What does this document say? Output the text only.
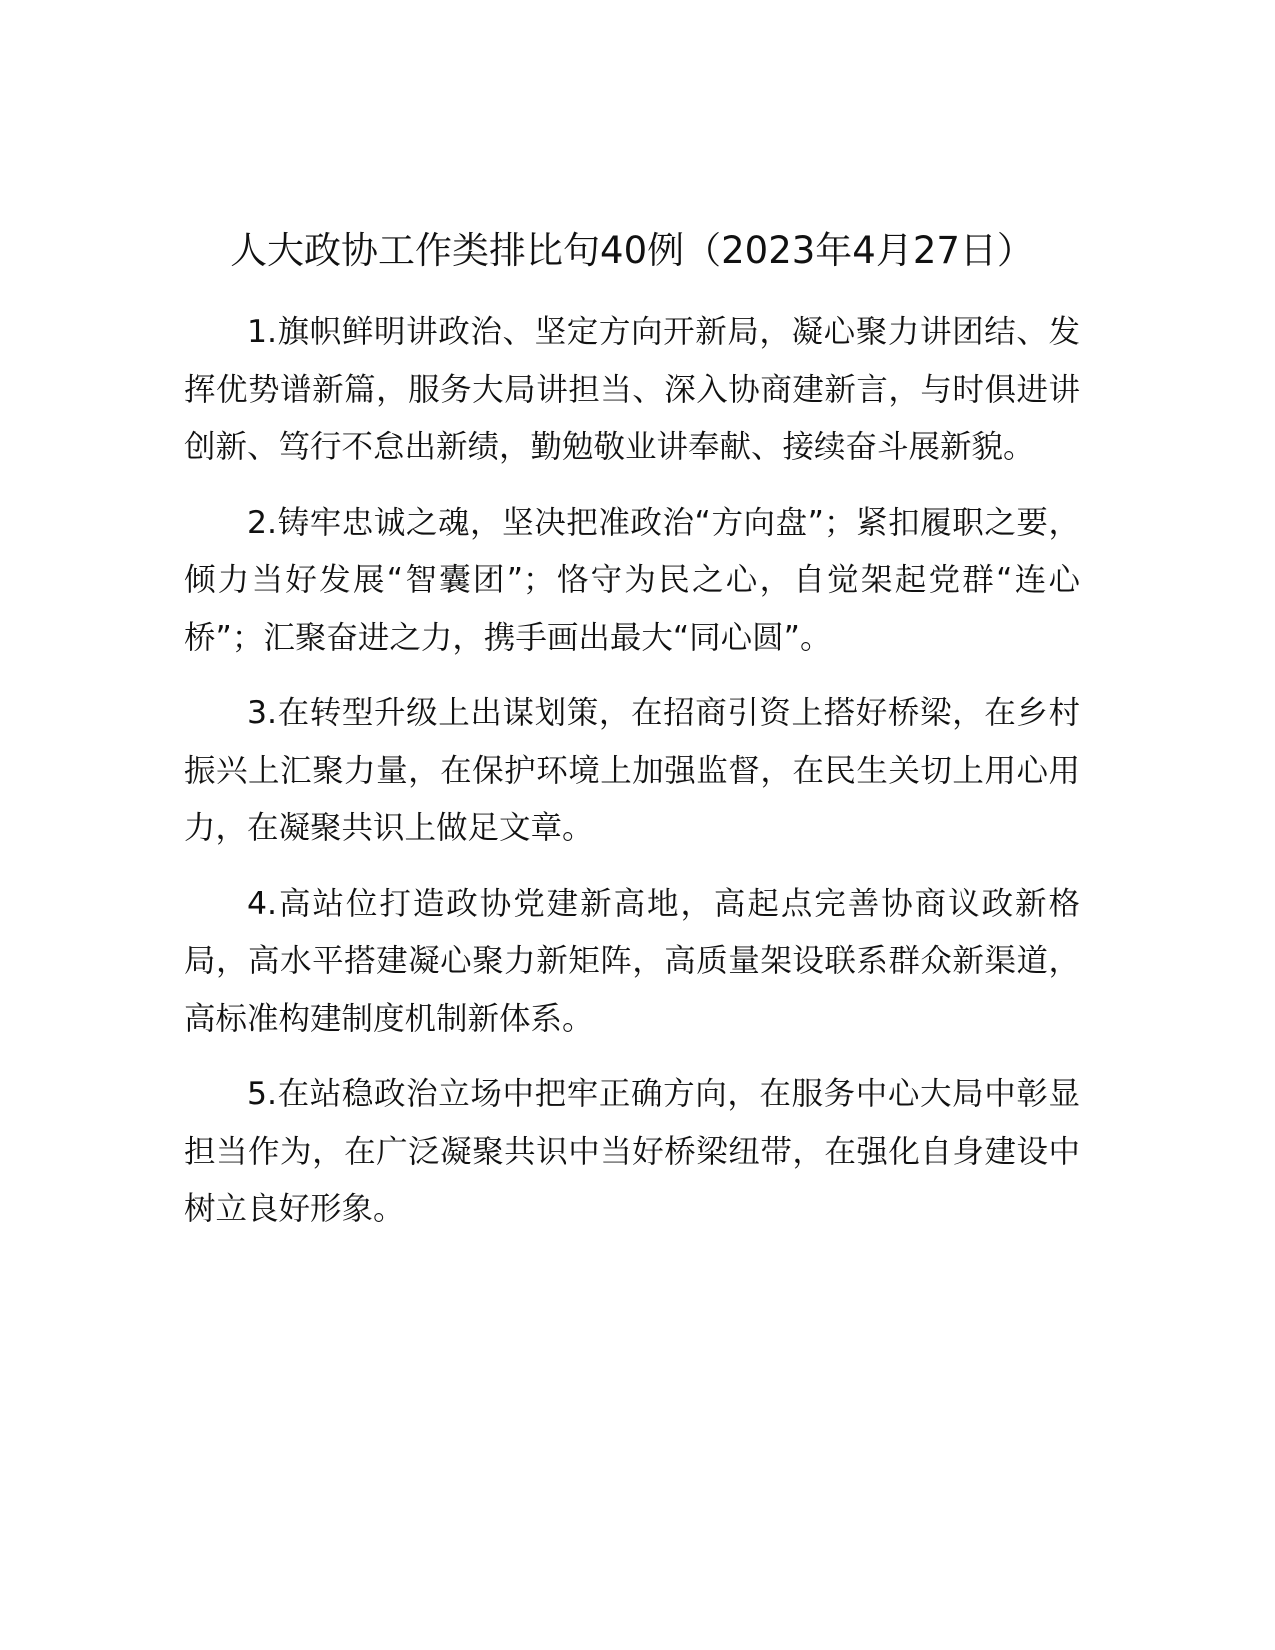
人大政协工作类排比句40例（2023年4月27日）

1.旗帜鲜明讲政治、坚定方向开新局，凝心聚力讲团结、发挥优势谱新篇，服务大局讲担当、深入协商建新言，与时俱进讲创新、笃行不怠出新绩，勤勉敬业讲奉献、接续奋斗展新貌。

2.铸牢忠诚之魂，坚决把准政治“方向盘”；紧扣履职之要，倾力当好发展“智囊团”；恪守为民之心，自觉架起党群“连心桥”；汇聚奋进之力，携手画出最大“同心圆”。

3.在转型升级上出谋划策，在招商引资上搭好桥梁，在乡村振兴上汇聚力量，在保护环境上加强监督，在民生关切上用心用力，在凝聚共识上做足文章。

4.高站位打造政协党建新高地，高起点完善协商议政新格局，高水平搭建凝心聚力新矩阵，高质量架设联系群众新渠道，高标准构建制度机制新体系。

5.在站稳政治立场中把牢正确方向，在服务中心大局中彰显担当作为，在广泛凝聚共识中当好桥梁纽带，在强化自身建设中树立良好形象。
